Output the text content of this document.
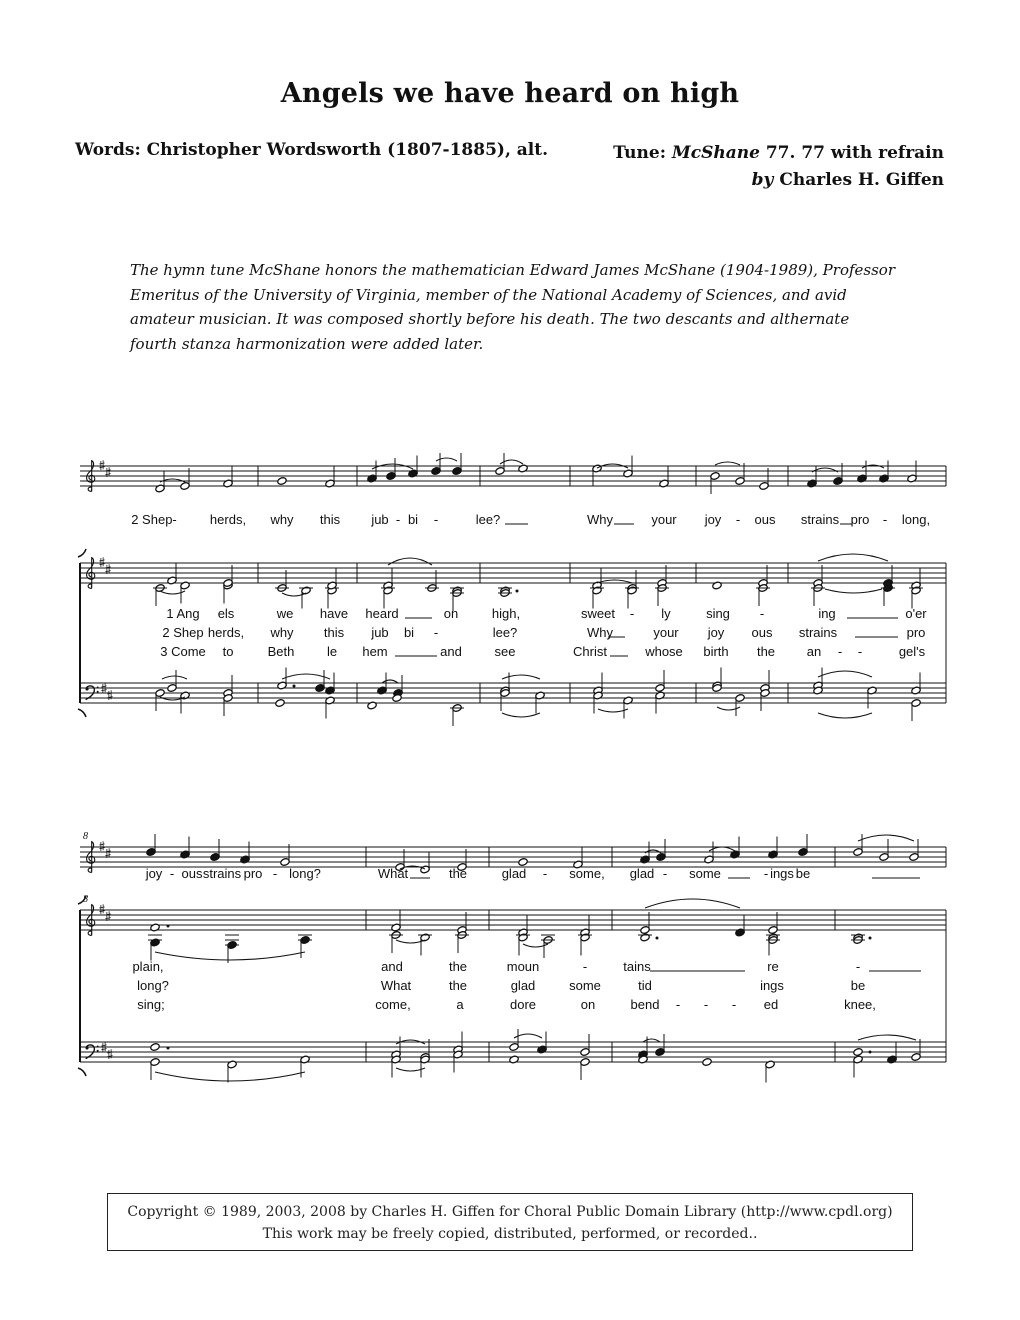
Angels we have heard on high
Words: Christopher Wordsworth (1807-1885), alt.	Tune: McShane 77. 77 with refrain
by Charles H. Giffen
The hymn tune McShane honors the mathematician Edward James McShane (1904-1989), Professor Emeritus of the University of Virginia, member of the National Academy of Sciences, and avid amateur musician. It was composed shortly before his death. The two descants and althernate fourth stanza harmonization were added later.
2 Shep-	herds, why this jub - bi -	lee?	Why	your joy - ous strains pro - long,
1 Ang els	we have heard	on	high,	sweet - ly	sing -	ing	o'er
2 Shep herds, why this jub bi -	lee?	Why	your joy ous strains	pro
3 Come to	Beth	le hem	and	see	Christ	whose birth the an - -	gel's
8
8
joy - ous strains pro - long?	What	the	glad - some, glad - some	- ings be
plain,	and	the	moun	-	tains	re	-
long?	What	the	glad	some	tid	ings	be
sing;	come,	a	dore	on	bend - - - ed	knee,
Copyright © 1989, 2003, 2008 by Charles H. Giffen for Choral Public Domain Library (http://www.cpdl.org)
This work may be freely copied, distributed, performed, or recorded..
